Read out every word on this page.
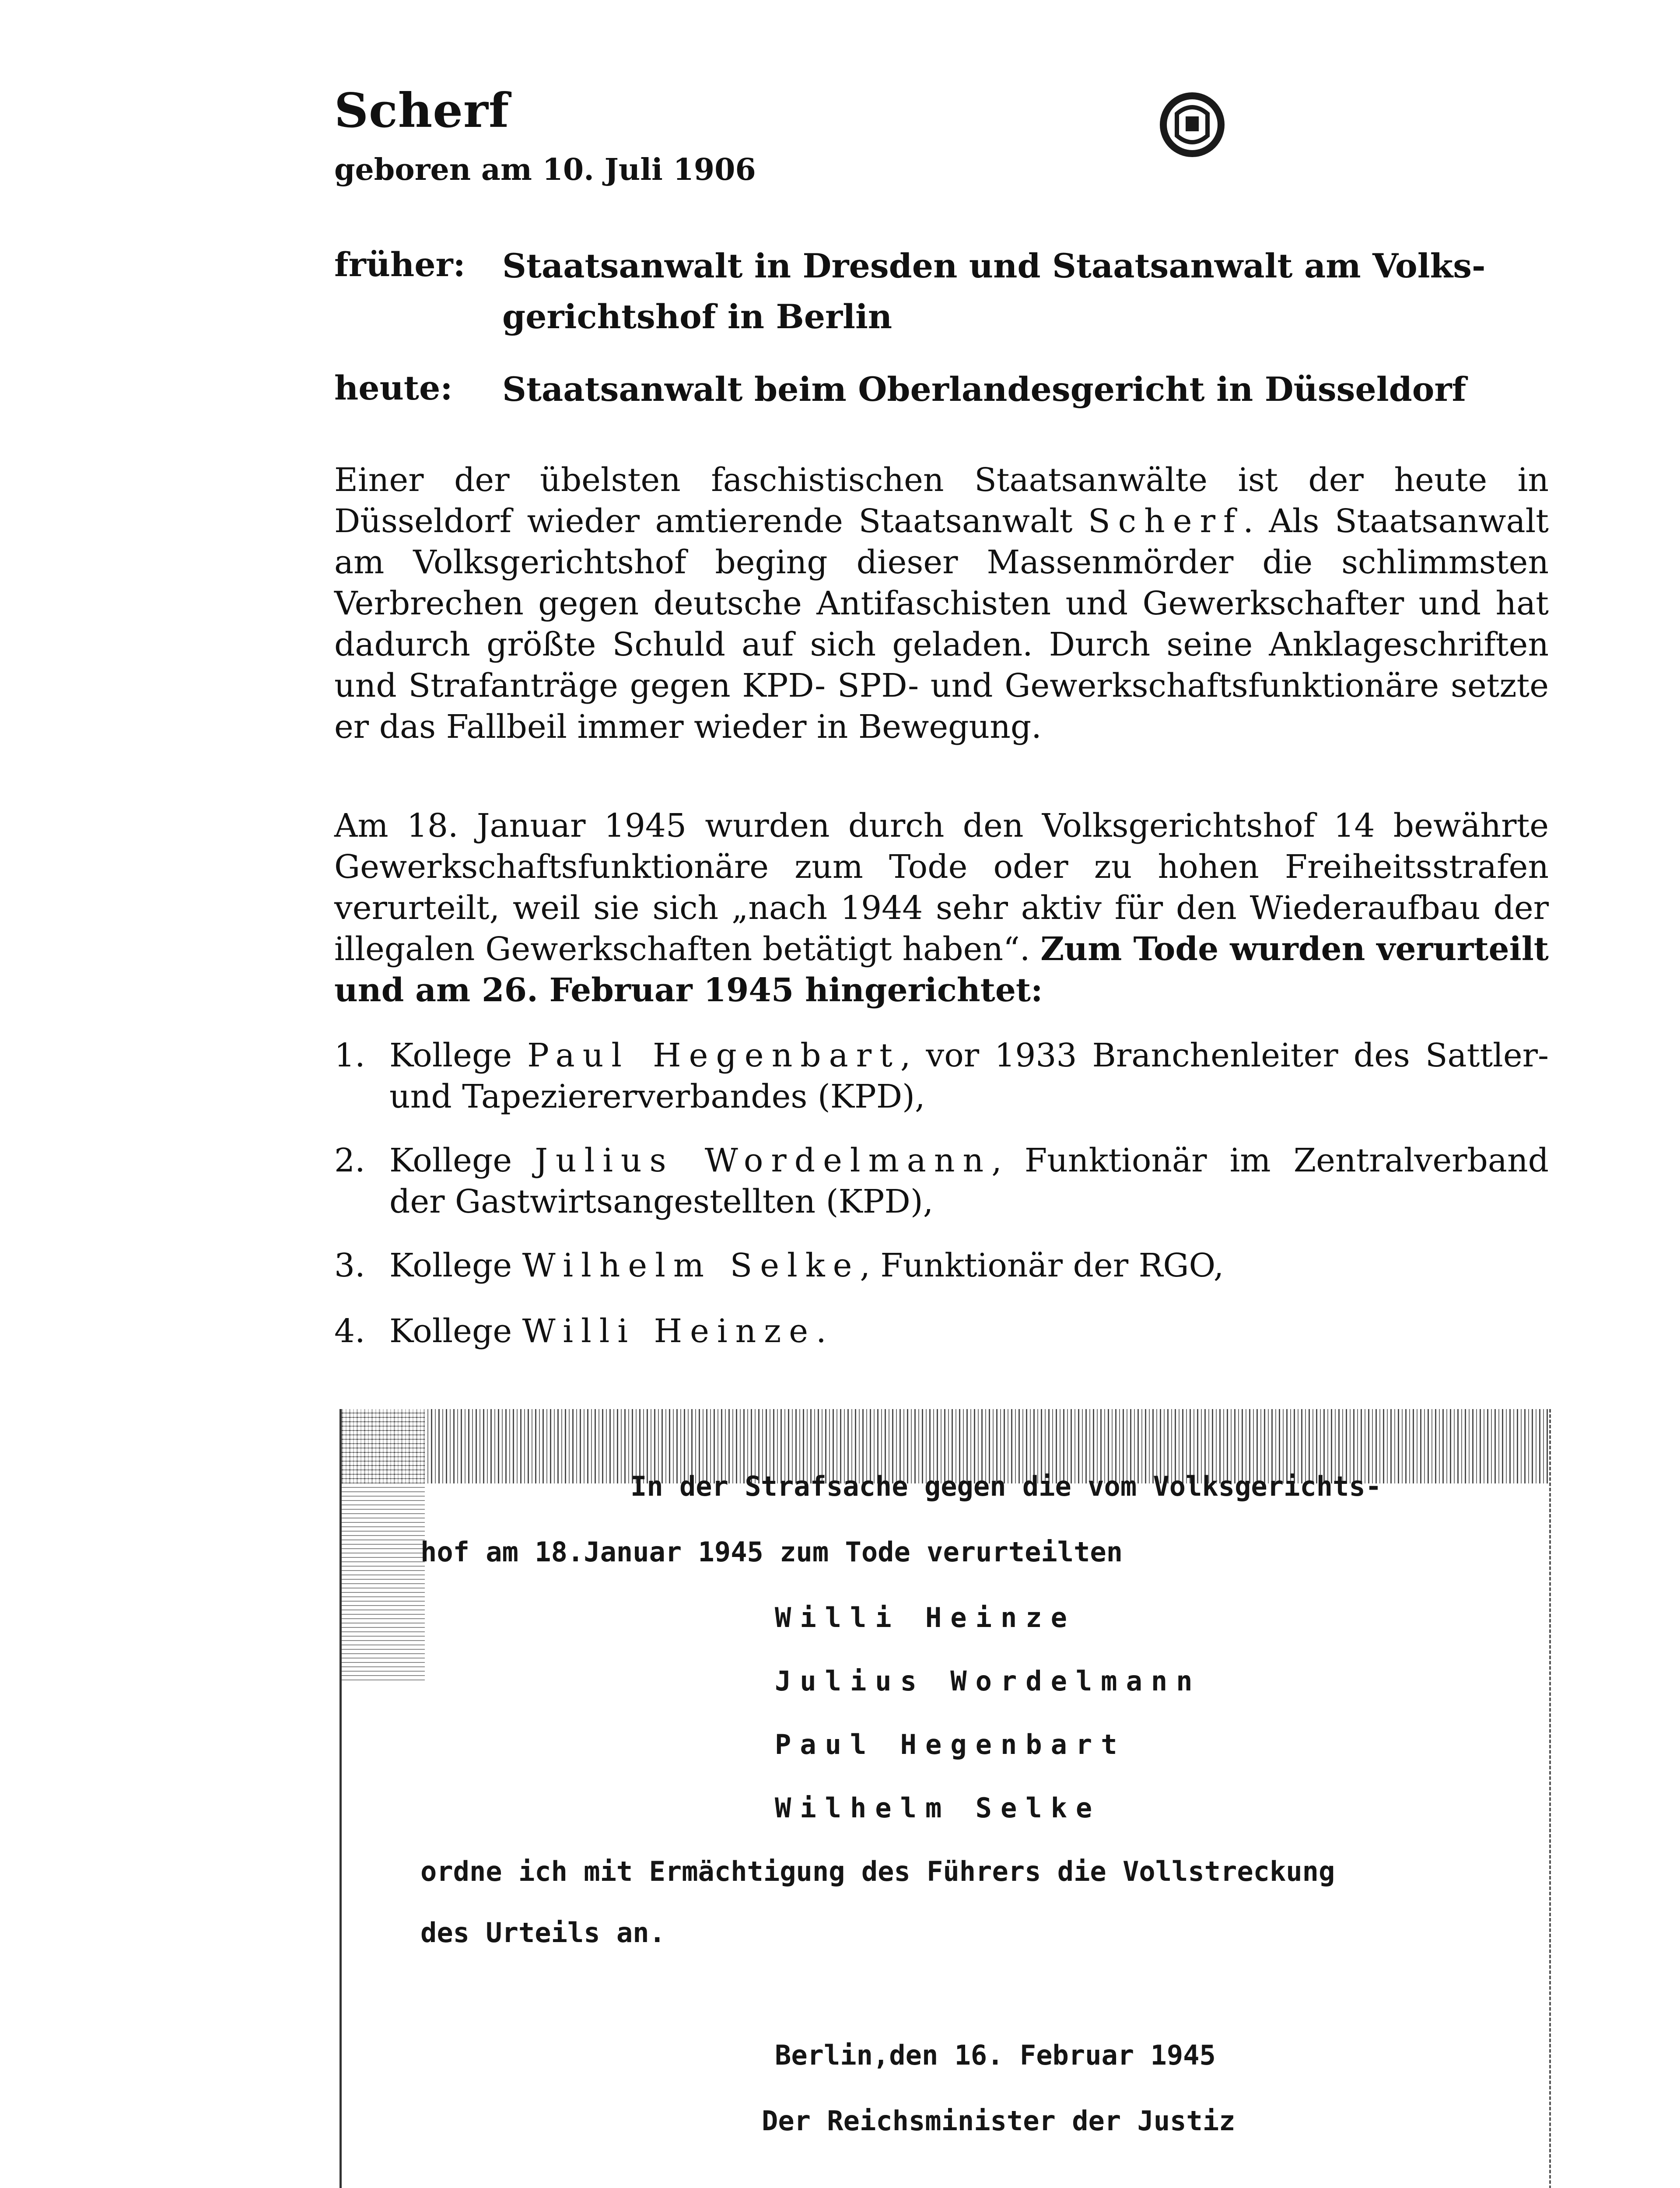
Scherf
geboren am 10. Juli 1906
früher: Staatsanwalt in Dresden und Staatsanwalt am Volks-gerichtshof in Berlin
heute: Staatsanwalt beim Oberlandesgericht in Düsseldorf
Einer der übelsten faschistischen Staatsanwälte ist der heute in Düsseldorf wieder amtierende Staatsanwalt Scherf. Als Staatsanwalt am Volksgerichtshof beging dieser Massenmörder die schlimmsten Verbrechen gegen deutsche Antifaschisten und Gewerkschafter und hat dadurch größte Schuld auf sich geladen. Durch seine Anklageschriften und Strafanträge gegen KPD- SPD- und Gewerkschaftsfunktionäre setzte er das Fallbeil immer wieder in Bewegung.
Am 18. Januar 1945 wurden durch den Volksgerichtshof 14 bewährte Gewerkschaftsfunktionäre zum Tode oder zu hohen Freiheitsstrafen verurteilt, weil sie sich „nach 1944 sehr aktiv für den Wiederaufbau der illegalen Gewerkschaften betätigt haben“. Zum Tode wurden verurteilt und am 26. Februar 1945 hingerichtet:
1. Kollege Paul Hegenbart, vor 1933 Branchenleiter des Sattler- und Tapeziererverbandes (KPD),
2. Kollege Julius Wordelmann, Funktionär im Zentralverband der Gastwirtsangestellten (KPD),
3. Kollege Wilhelm Selke, Funktionär der RGO,
4. Kollege Willi Heinze.
In der Strafsache gegen die vom Volksgerichts-
hof am 18.Januar 1945 zum Tode verurteilten
Willi Heinze
Julius Wordelmann
Paul Hegenbart
Wilhelm Selke
ordne ich mit Ermächtigung des Führers die Vollstreckung
des Urteils an.
Berlin,den 16. Februar 1945
Der Reichsminister der Justiz
